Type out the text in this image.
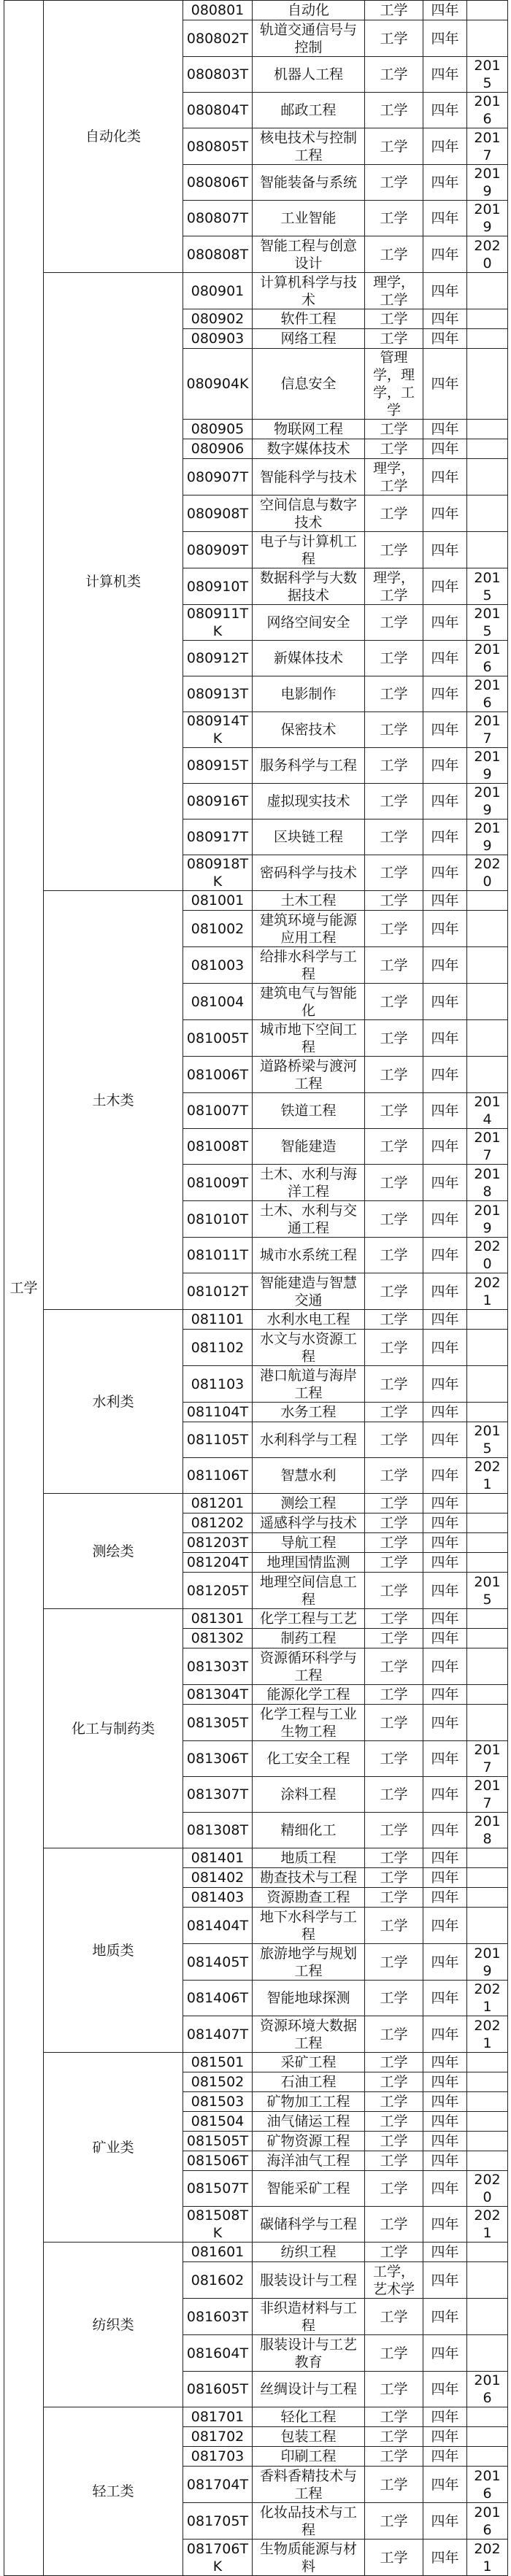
工学	自动化类	080801	自动化	工学	四年	
		080802T	轨道交通信号与控制	工学	四年	
		080803T	机器人工程	工学	四年	2015
		080804T	邮政工程	工学	四年	2016
		080805T	核电技术与控制工程	工学	四年	2017
		080806T	智能装备与系统	工学	四年	2019
		080807T	工业智能	工学	四年	2019
		080808T	智能工程与创意设计	工学	四年	2020
	计算机类	080901	计算机科学与技术	理学，工学	四年	
		080902	软件工程	工学	四年	
		080903	网络工程	工学	四年	
		080904K	信息安全	管理学，理学，工学	四年	
		080905	物联网工程	工学	四年	
		080906	数字媒体技术	工学	四年	
		080907T	智能科学与技术	理学，工学	四年	
		080908T	空间信息与数字技术	工学	四年	
		080909T	电子与计算机工程	工学	四年	
		080910T	数据科学与大数据技术	理学，工学	四年	2015
		080911TK	网络空间安全	工学	四年	2015
		080912T	新媒体技术	工学	四年	2016
		080913T	电影制作	工学	四年	2016
		080914TK	保密技术	工学	四年	2017
		080915T	服务科学与工程	工学	四年	2019
		080916T	虚拟现实技术	工学	四年	2019
		080917T	区块链工程	工学	四年	2019
		080918TK	密码科学与技术	工学	四年	2020
	土木类	081001	土木工程	工学	四年	
		081002	建筑环境与能源应用工程	工学	四年	
		081003	给排水科学与工程	工学	四年	
		081004	建筑电气与智能化	工学	四年	
		081005T	城市地下空间工程	工学	四年	
		081006T	道路桥梁与渡河工程	工学	四年	
		081007T	铁道工程	工学	四年	2014
		081008T	智能建造	工学	四年	2017
		081009T	土木、水利与海洋工程	工学	四年	2018
		081010T	土木、水利与交通工程	工学	四年	2019
		081011T	城市水系统工程	工学	四年	2020
		081012T	智能建造与智慧交通	工学	四年	2021
	水利类	081101	水利水电工程	工学	四年	
		081102	水文与水资源工程	工学	四年	
		081103	港口航道与海岸工程	工学	四年	
		081104T	水务工程	工学	四年	
		081105T	水利科学与工程	工学	四年	2015
		081106T	智慧水利	工学	四年	2021
	测绘类	081201	测绘工程	工学	四年	
		081202	遥感科学与技术	工学	四年	
		081203T	导航工程	工学	四年	
		081204T	地理国情监测	工学	四年	
		081205T	地理空间信息工程	工学	四年	2015
	化工与制药类	081301	化学工程与工艺	工学	四年	
		081302	制药工程	工学	四年	
		081303T	资源循环科学与工程	工学	四年	
		081304T	能源化学工程	工学	四年	
		081305T	化学工程与工业生物工程	工学	四年	
		081306T	化工安全工程	工学	四年	2017
		081307T	涂料工程	工学	四年	2017
		081308T	精细化工	工学	四年	2018
	地质类	081401	地质工程	工学	四年	
		081402	勘查技术与工程	工学	四年	
		081403	资源勘查工程	工学	四年	
		081404T	地下水科学与工程	工学	四年	
		081405T	旅游地学与规划工程	工学	四年	2019
		081406T	智能地球探测	工学	四年	2021
		081407T	资源环境大数据工程	工学	四年	2021
	矿业类	081501	采矿工程	工学	四年	
		081502	石油工程	工学	四年	
		081503	矿物加工工程	工学	四年	
		081504	油气储运工程	工学	四年	
		081505T	矿物资源工程	工学	四年	
		081506T	海洋油气工程	工学	四年	
		081507T	智能采矿工程	工学	四年	2020
		081508TK	碳储科学与工程	工学	四年	2021
	纺织类	081601	纺织工程	工学	四年	
		081602	服装设计与工程	工学，艺术学	四年	
		081603T	非织造材料与工程	工学	四年	
		081604T	服装设计与工艺教育	工学	四年	
		081605T	丝绸设计与工程	工学	四年	2016
	轻工类	081701	轻化工程	工学	四年	
		081702	包装工程	工学	四年	
		081703	印刷工程	工学	四年	
		081704T	香料香精技术与工程	工学	四年	2016
		081705T	化妆品技术与工程	工学	四年	2016
		081706TK	生物质能源与材料	工学	四年	2021
